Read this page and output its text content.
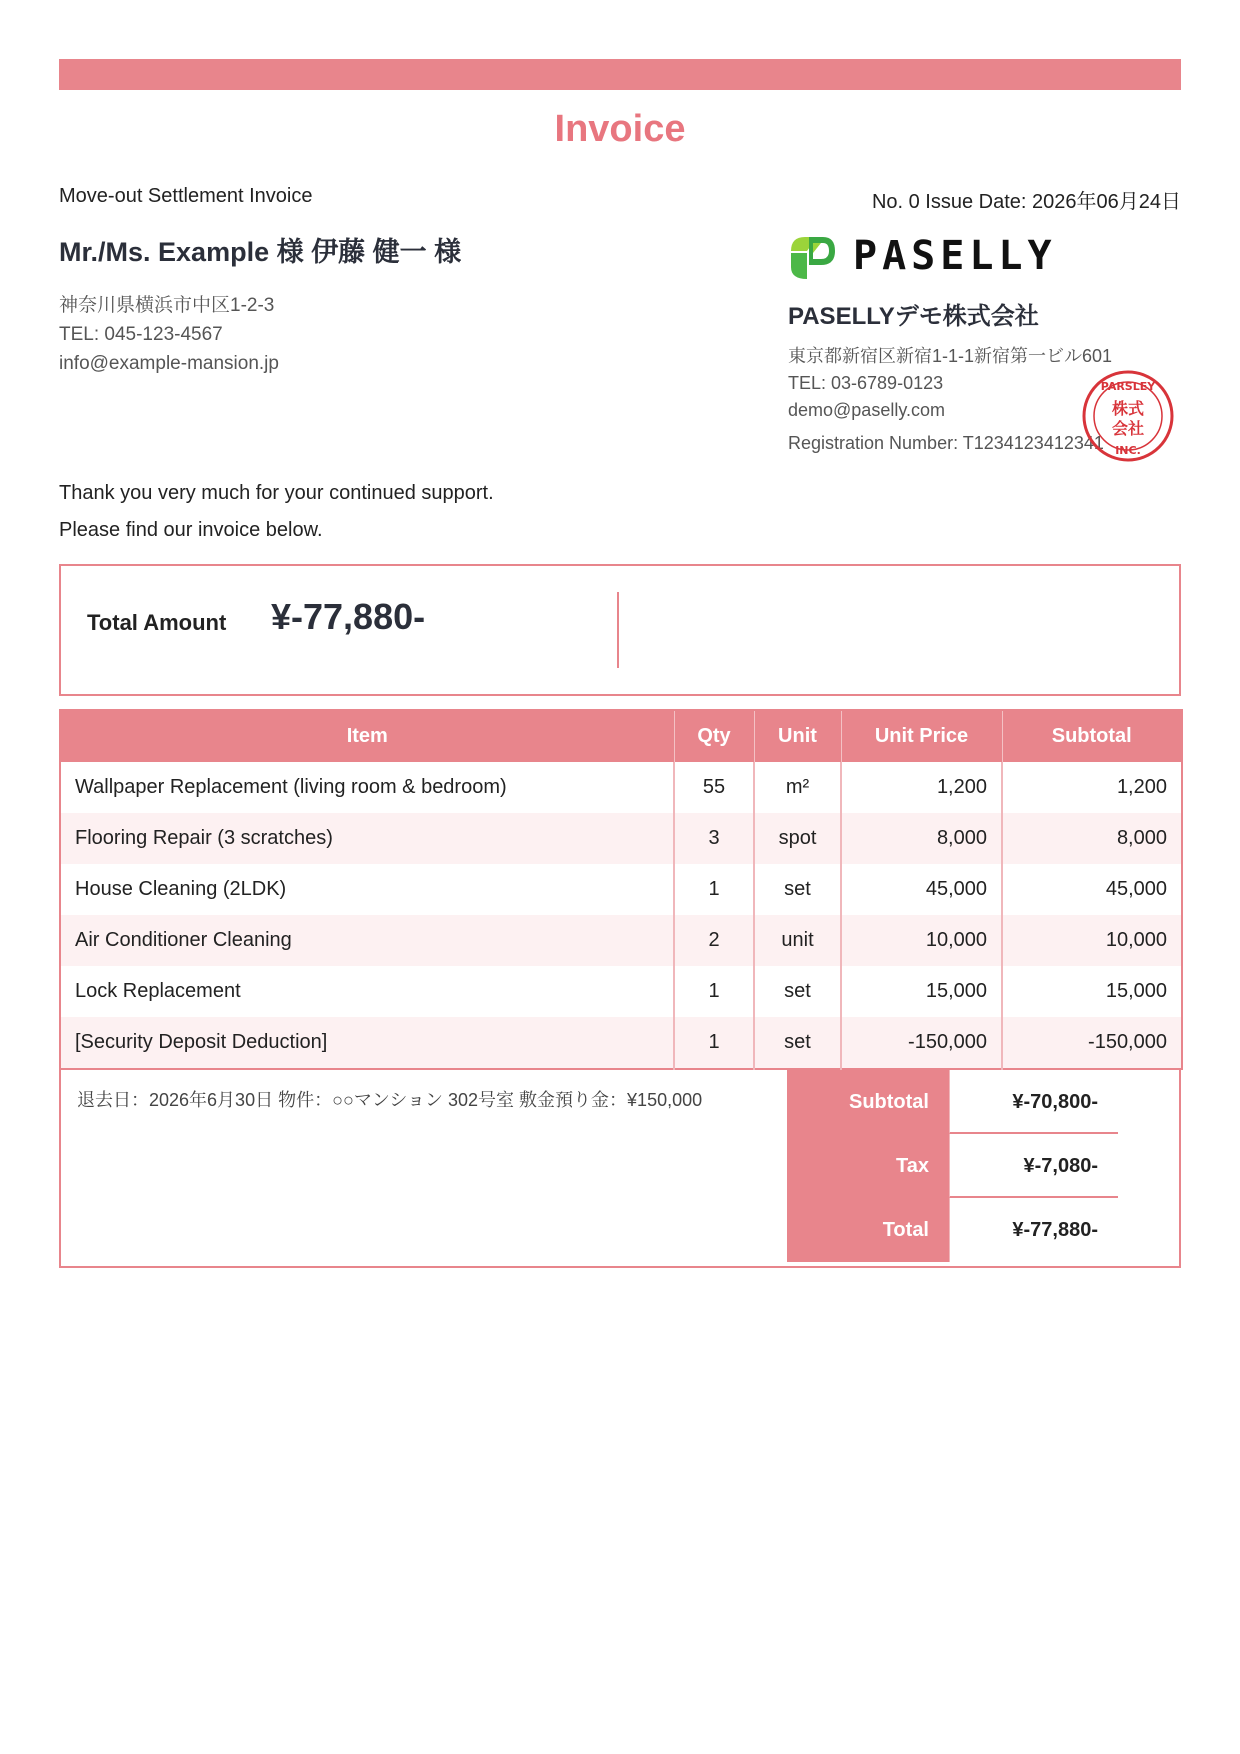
Invoice
Move-out Settlement Invoice	No. 0 Issue Date: 2026年06月24日
Mr./Ms. Example 様 伊藤 健一 様
神奈川県横浜市中区1-2-3
TEL: 045-123-4567
info@example-mansion.jp
PASELLY
PASELLYデモ株式会社
東京都新宿区新宿1-1-1新宿第一ビル601
TEL: 03-6789-0123
demo@paselly.com
Registration Number: T1234123412341
PARSLEY
INC.
株式
会社
Thank you very much for your continued support.
Please find our invoice below.
Total Amount ¥-77,880-
Item	Qty	Unit	Unit Price	Subtotal
Wallpaper Replacement (living room & bedroom)	55	m²	1,200	1,200
Flooring Repair (3 scratches)	3	spot	8,000	8,000
House Cleaning (2LDK)	1	set	45,000	45,000
Air Conditioner Cleaning	2	unit	10,000	10,000
Lock Replacement	1	set	15,000	15,000
[Security Deposit Deduction]	1	set	-150,000	-150,000
退去日：2026年6月30日 物件：○○マンション 302号室 敷金預り金：¥150,000	Subtotal	¥-70,800-
Tax	¥-7,080-
Total	¥-77,880-
